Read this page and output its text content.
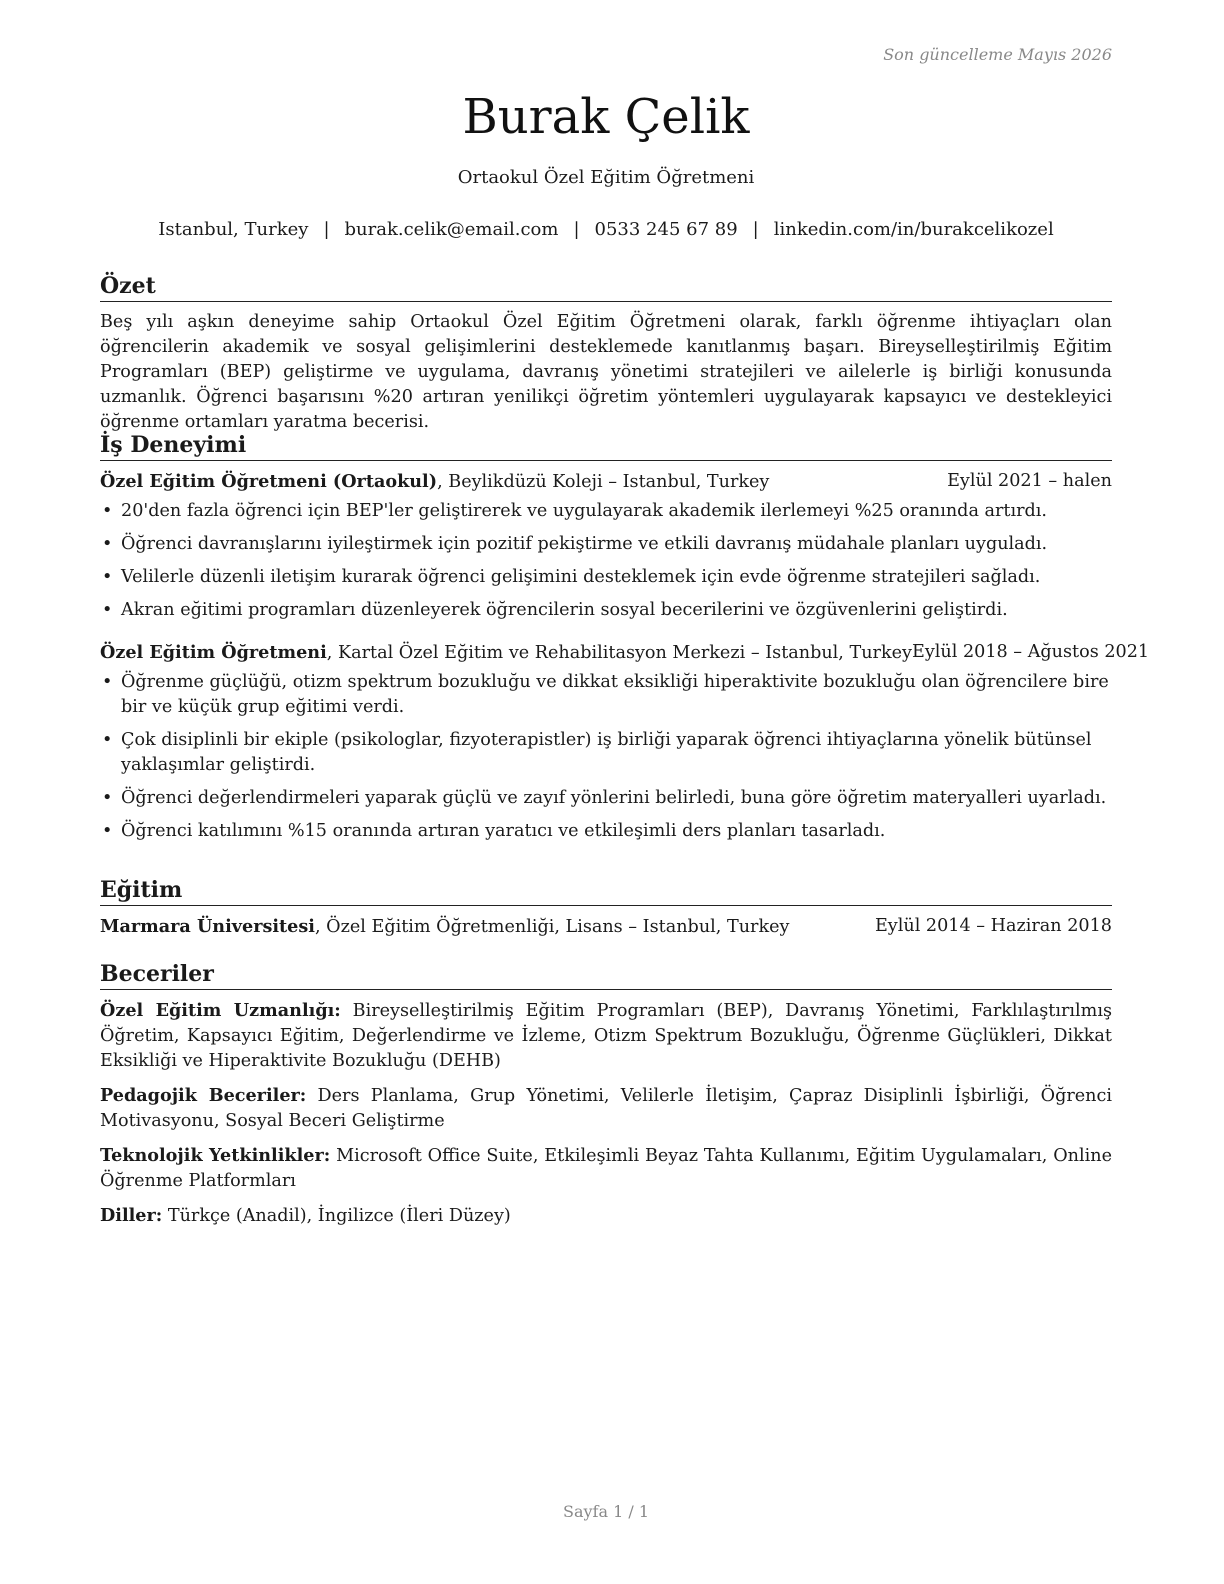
Son güncelleme Mayıs 2026
Burak Çelik
Ortaokul Özel Eğitim Öğretmeni
Istanbul, Turkey | burak.celik@email.com | 0533 245 67 89 | linkedin.com/in/burakcelikozel
Özet

Beş yılı aşkın deneyime sahip Ortaokul Özel Eğitim Öğretmeni olarak, farklı öğrenme ihtiyaçları olan öğrencilerin akademik ve sosyal gelişimlerini desteklemede kanıtlanmış başarı. Bireyselleştirilmiş Eğitim Programları (BEP) geliştirme ve uygulama, davranış yönetimi stratejileri ve ailelerle iş birliği konusunda uzmanlık. Öğrenci başarısını %20 artıran yenilikçi öğretim yöntemleri uygulayarak kapsayıcı ve destekleyici öğrenme ortamları yaratma becerisi.

İş Deneyimi
Özel Eğitim Öğretmeni (Ortaokul), Beylikdüzü Koleji – Istanbul, Turkey	Eylül 2021 – halen
• 20'den fazla öğrenci için BEP'ler geliştirerek ve uygulayarak akademik ilerlemeyi %25 oranında artırdı.
• Öğrenci davranışlarını iyileştirmek için pozitif pekiştirme ve etkili davranış müdahale planları uyguladı.
• Velilerle düzenli iletişim kurarak öğrenci gelişimini desteklemek için evde öğrenme stratejileri sağladı.
• Akran eğitimi programları düzenleyerek öğrencilerin sosyal becerilerini ve özgüvenlerini geliştirdi.
Özel Eğitim Öğretmeni, Kartal Özel Eğitim ve Rehabilitasyon Merkezi – Istanbul, Turkey Eylül 2018 – Ağustos 2021
• Öğrenme güçlüğü, otizm spektrum bozukluğu ve dikkat eksikliği hiperaktivite bozukluğu olan öğrencilere bire bir ve küçük grup eğitimi verdi.
• Çok disiplinli bir ekiple (psikologlar, fizyoterapistler) iş birliği yaparak öğrenci ihtiyaçlarına yönelik bütünsel yaklaşımlar geliştirdi.
• Öğrenci değerlendirmeleri yaparak güçlü ve zayıf yönlerini belirledi, buna göre öğretim materyalleri uyarladı.
• Öğrenci katılımını %15 oranında artıran yaratıcı ve etkileşimli ders planları tasarladı.
Eğitim
Marmara Üniversitesi, Özel Eğitim Öğretmenliği, Lisans – Istanbul, Turkey	Eylül 2014 – Haziran 2018
Beceriler

Özel Eğitim Uzmanlığı: Bireyselleştirilmiş Eğitim Programları (BEP), Davranış Yönetimi, Farklılaştırılmış Öğretim, Kapsayıcı Eğitim, Değerlendirme ve İzleme, Otizm Spektrum Bozukluğu, Öğrenme Güçlükleri, Dikkat Eksikliği ve Hiperaktivite Bozukluğu (DEHB)

Pedagojik Beceriler: Ders Planlama, Grup Yönetimi, Velilerle İletişim, Çapraz Disiplinli İşbirliği, Öğrenci Motivasyonu, Sosyal Beceri Geliştirme

Teknolojik Yetkinlikler: Microsoft Office Suite, Etkileşimli Beyaz Tahta Kullanımı, Eğitim Uygulamaları, Online Öğrenme Platformları

Diller: Türkçe (Anadil), İngilizce (İleri Düzey)

Sayfa 1 / 1
